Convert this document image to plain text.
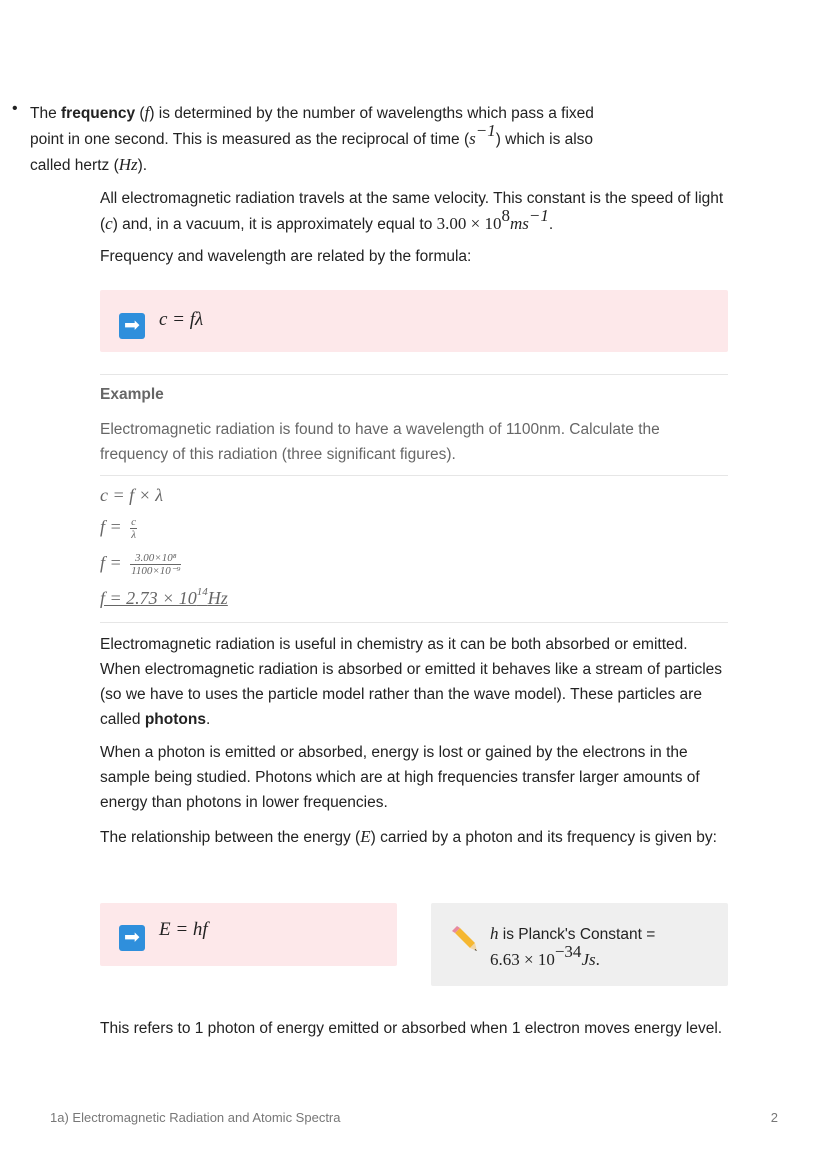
• The frequency (f) is determined by the number of wavelengths which pass a fixed point in one second. This is measured as the reciprocal of time $(s^{-1})$ which is also called hertz (Hz).

All electromagnetic radiation travels at the same velocity. This constant is the speed of light (c) and, in a vacuum, it is approximately equal to $3.00 \times 10^8ms^{-1}$.

Frequency and wavelength are related by the formula:

➡ c = fλ
Example

Electromagnetic radiation is found to have a wavelength of 1100nm. Calculate the frequency of this radiation (three significant figures).

c = f × λ
$f = \frac{c}{\lambda}$
$f = \frac{\text{3.00×10⁸}}{\text{1100×10⁻⁹}}$
$f = 2.73 \times 10^{14}Hz$

Electromagnetic radiation is useful in chemistry as it can be both absorbed or emitted. When electromagnetic radiation is absorbed or emitted it behaves like a stream of particles (so we have to uses the particle model rather than the wave model). These particles are called photons.

When a photon is emitted or absorbed, energy is lost or gained by the electrons in the sample being studied. Photons which are at high frequencies transfer larger amounts of energy than photons in lower frequencies.

The relationship between the energy (E) carried by a photon and its frequency is given by:

➡ E = hf	h is Planck's Constant =
$6.63 \times 10^{-34}Js$.

This refers to 1 photon of energy emitted or absorbed when 1 electron moves energy level.

1a) Electromagnetic Radiation and Atomic Spectra	2
